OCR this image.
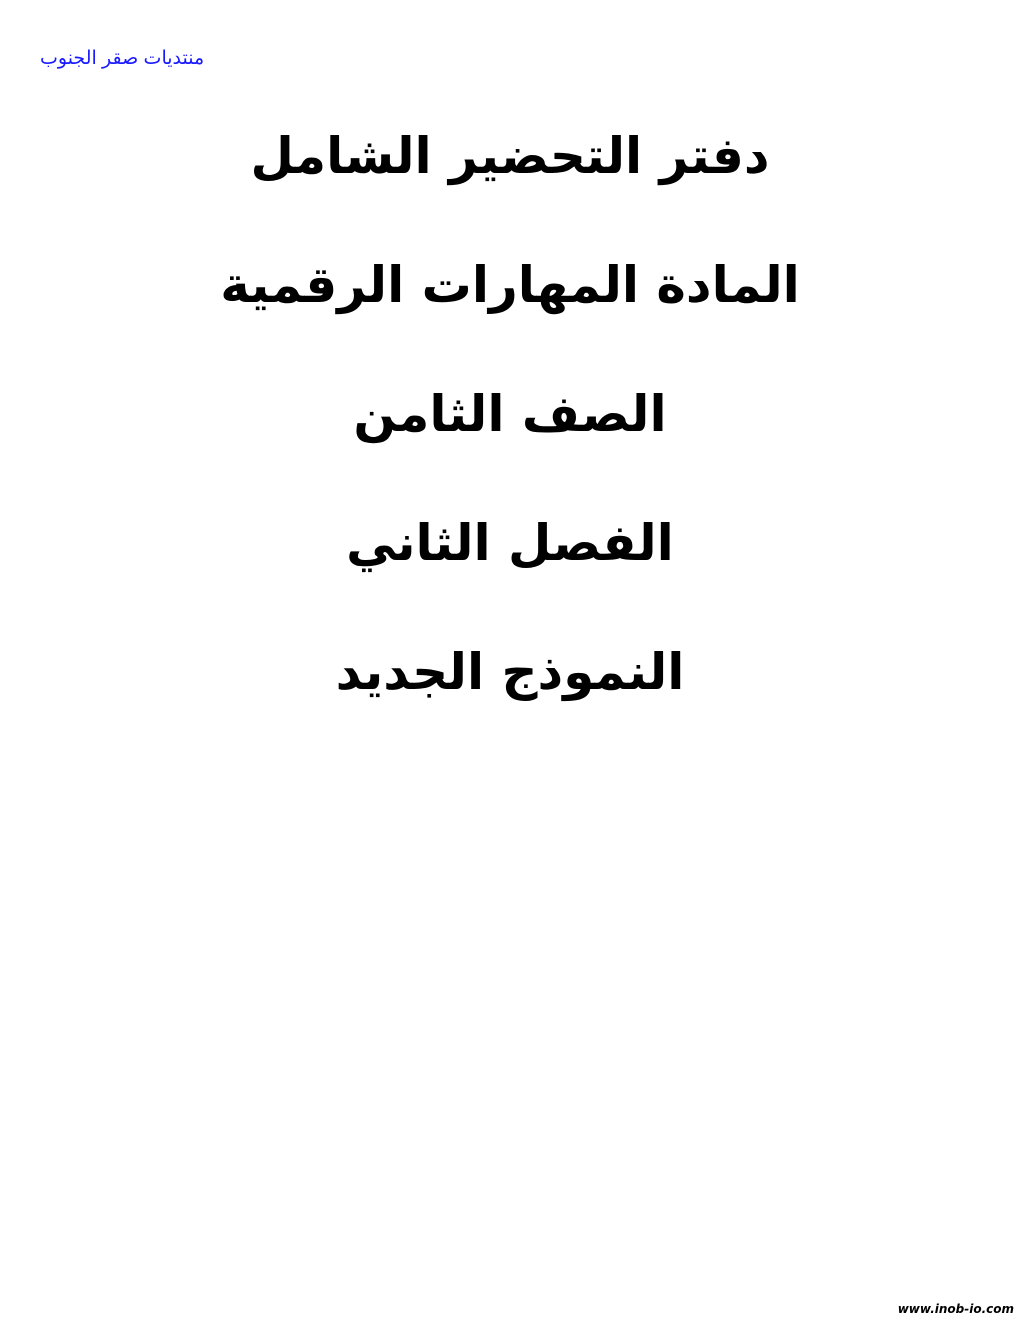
منتديات صقر الجنوب
دفتر التحضير الشامل
المادة المهارات الرقمية
الصف الثامن
الفصل الثاني
النموذج الجديد
www.inob-io.com
